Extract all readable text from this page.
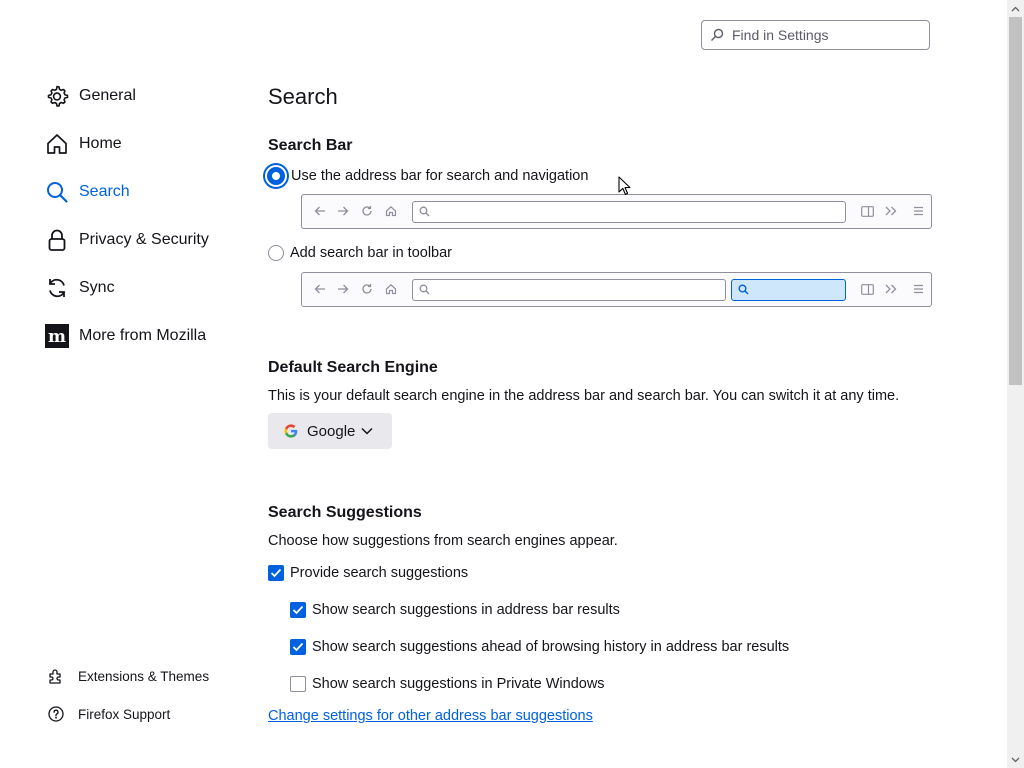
Find in Settings
General
Home
Search
Privacy & Security
Sync
m More from Mozilla
Extensions & Themes
Firefox Support
Search
Search Bar
Use the address bar for search and navigation
Add search bar in toolbar
Default Search Engine
This is your default search engine in the address bar and search bar. You can switch it at any time.
Google
Search Suggestions
Choose how suggestions from search engines appear.
Provide search suggestions
Show search suggestions in address bar results
Show search suggestions ahead of browsing history in address bar results
Show search suggestions in Private Windows
Change settings for other address bar suggestions
